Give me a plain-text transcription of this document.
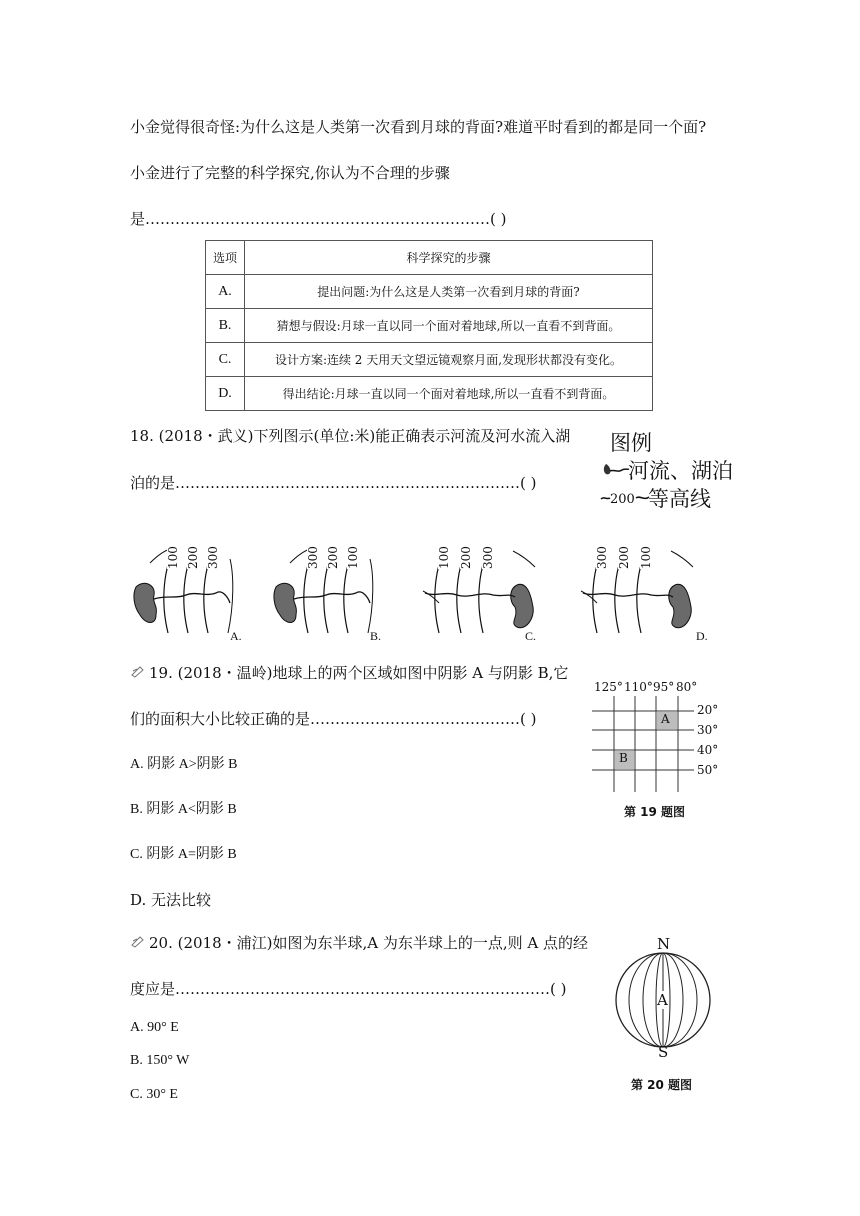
小金觉得很奇怪:为什么这是人类第一次看到月球的背面?难道平时看到的都是同一个面?
小金进行了完整的科学探究,你认为不合理的步骤
是……………………………………………………………( )
选项	科学探究的步骤
A.	提出问题:为什么这是人类第一次看到月球的背面?
B.	猜想与假设:月球一直以同一个面对着地球,所以一直看不到背面。
C.	设计方案:连续 2 天用天文望远镜观察月面,发现形状都没有变化。
D.	得出结论:月球一直以同一个面对着地球,所以一直看不到背面。
18. (2018・武义)下列图示(单位:米)能正确表示河流及河水流入湖
泊的是……………………………………………………………( )
图例
河流、湖泊
200 等高线
100 200 300
A.
300 200 100
B.
100 200 300
C.
300 200 100
D.
19. (2018・温岭)地球上的两个区域如图中阴影 A 与阴影 B,它
们的面积大小比较正确的是……………………………………( )
A. 阴影 A>阴影 B
B. 阴影 A<阴影 B
C. 阴影 A=阴影 B
D. 无法比较
125° 110° 95° 80°
A
B
20°
30°
40°
50°
第 19 题图
20. (2018・浦江)如图为东半球,A 为东半球上的一点,则 A 点的经
度应是…………………………………………………………………( )
A. 90° E
B. 150° W
C. 30° E
N
A
S
第 20 题图
